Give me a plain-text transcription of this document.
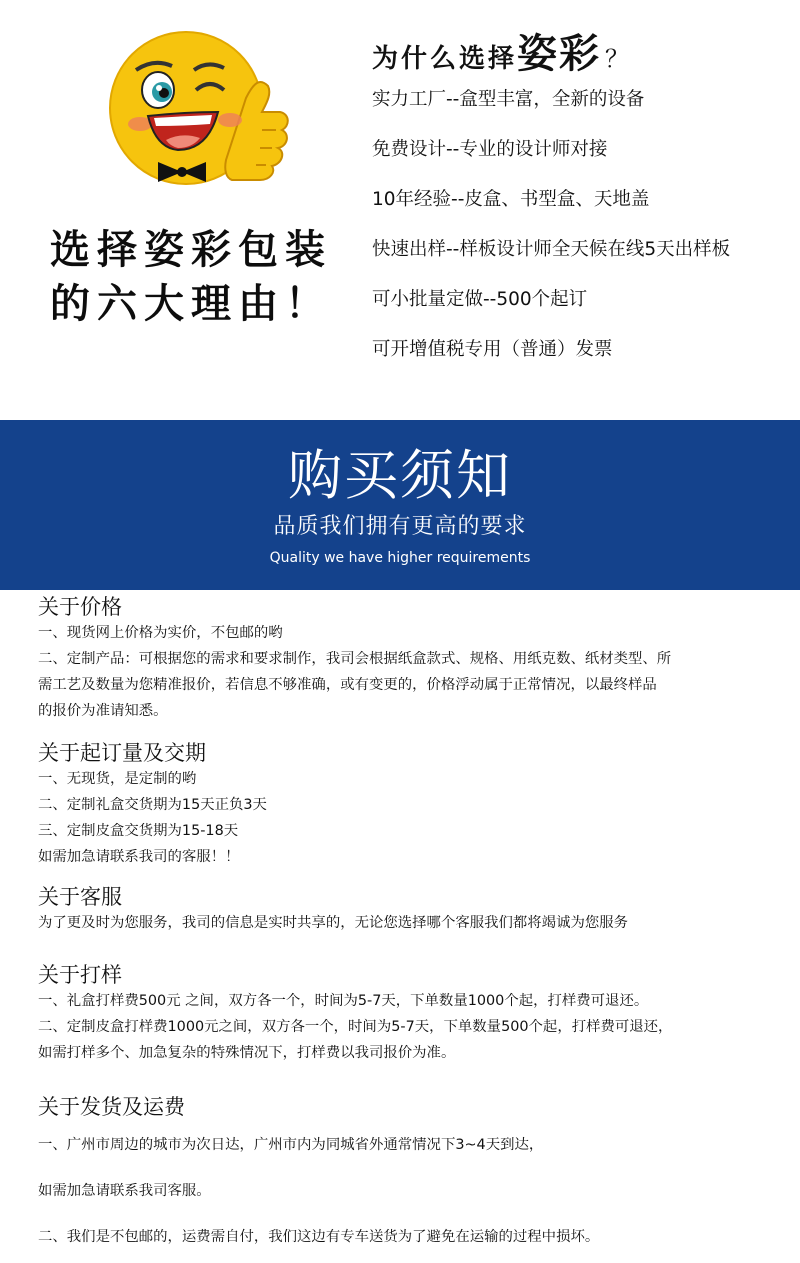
选择姿彩包装
的六大理由！
为什么选择姿彩 ？
实力工厂--盒型丰富，全新的设备
免费设计--专业的设计师对接
10年经验--皮盒、书型盒、天地盖
快速出样--样板设计师全天候在线5天出样板
可小批量定做--500个起订
可开增值税专用（普通）发票
购买须知
品质我们拥有更高的要求
Quality we have higher requirements
关于价格

一、现货网上价格为实价，不包邮的哟

二、定制产品：可根据您的需求和要求制作，我司会根据纸盒款式、规格、用纸克数、纸材类型、所

需工艺及数量为您精准报价，若信息不够准确，或有变更的，价格浮动属于正常情况，以最终样品

的报价为准请知悉。

关于起订量及交期

一、无现货，是定制的哟

二、定制礼盒交货期为15天正负3天

三、定制皮盒交货期为15-18天

如需加急请联系我司的客服！！

关于客服

为了更及时为您服务，我司的信息是实时共享的，无论您选择哪个客服我们都将竭诚为您服务

关于打样

一、礼盒打样费500元 之间，双方各一个，时间为5-7天，下单数量1000个起，打样费可退还。

二、定制皮盒打样费1000元之间，双方各一个，时间为5-7天，下单数量500个起，打样费可退还，

如需打样多个、加急复杂的特殊情况下，打样费以我司报价为准。

关于发货及运费

一、广州市周边的城市为次日达，广州市内为同城省外通常情况下3~4天到达，

如需加急请联系我司客服。

二、我们是不包邮的，运费需自付，我们这边有专车送货为了避免在运输的过程中损坏。
